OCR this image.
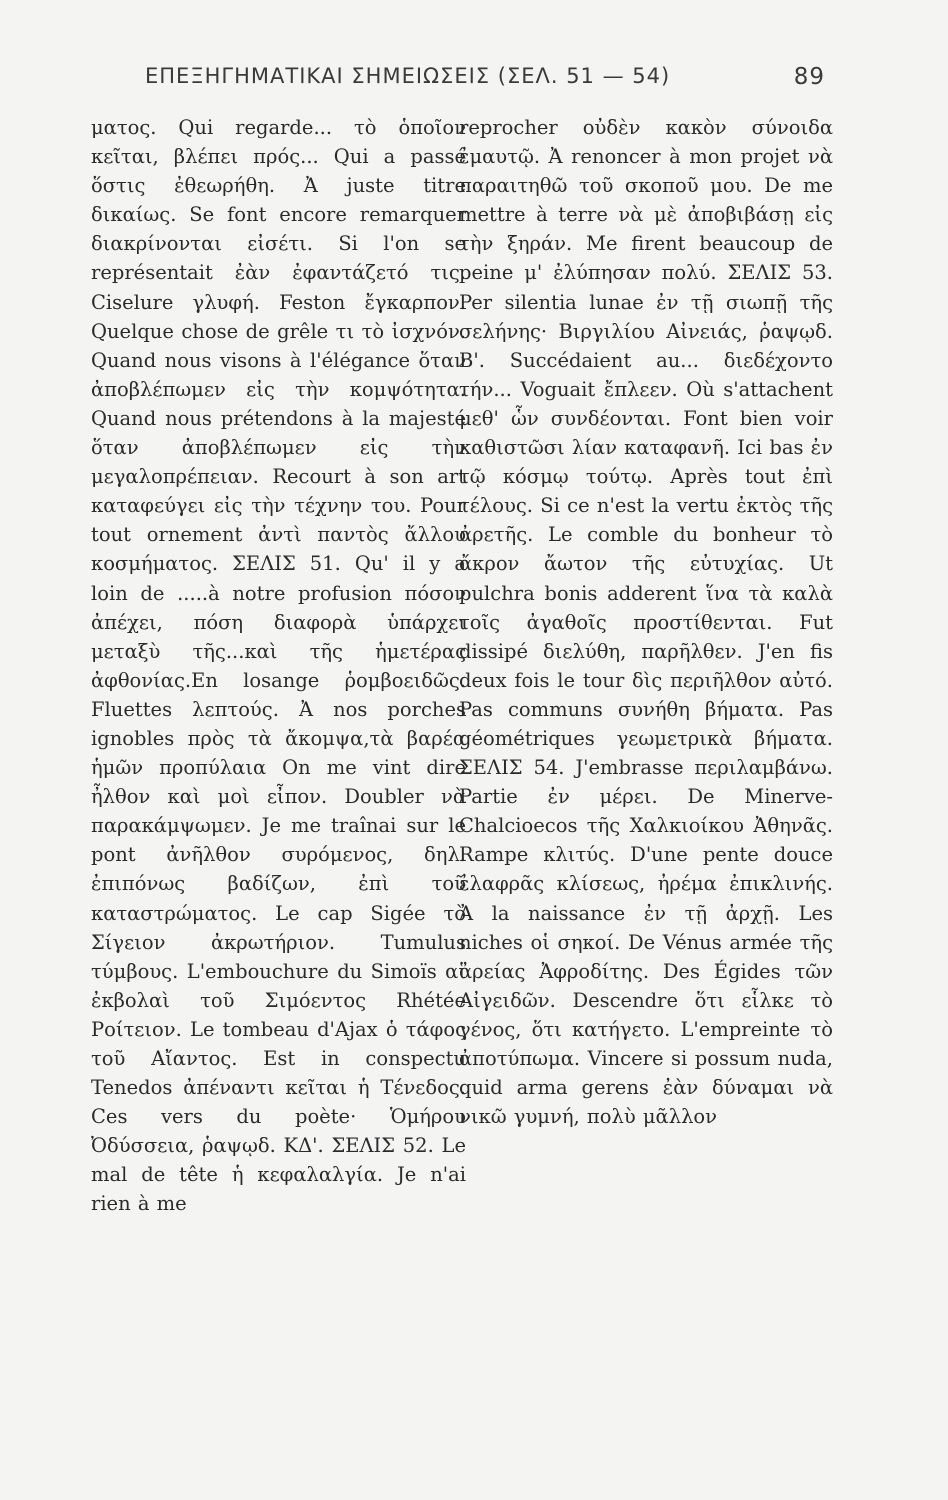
ΕΠΕΞΗΓΗΜΑΤΙΚΑΙ ΣΗΜΕΙΩΣΕΙΣ (ΣΕΛ. 51 — 54)	89

ματος. Qui regarde... τὸ ὁποῖον κεῖται, βλέπει πρός... Qui a passé ὅστις ἐθεωρήθη. Ἀ juste titre δικαίως. Se font encore remarquer διακρίνονται εἰσέτι. Si l'on se représentait ἐὰν ἐφαντάζετό τις. Ciselure γλυφή. Feston ἔγκαρπον. Quelque chose de grêle τι τὸ ἰσχνόν. Quand nous visons à l'élégance ὅταν ἀποβλέπωμεν εἰς τὴν κομψότητα. Quand nous prétendons à la majesté ὅταν ἀποβλέπωμεν εἰς τὴν μεγαλοπρέπειαν. Recourt à son art καταφεύγει εἰς τὴν τέχνην του. Pour tout ornement ἀντὶ παντὸς ἄλλου κοσμήματος. ΣΕΛΙΣ 51. Qu' il y a loin de .....à notre profusion πόσον ἀπέχει, πόση διαφορὰ ὑπάρχει μεταξὺ τῆς...καὶ τῆς ἡμετέρας ἀφθονίας.En losange ῥομβοειδῶς. Fluettes λεπτούς. Ἀ nos porches ignobles πρὸς τὰ ἄκομψα,τὰ βαρέα ἡμῶν προπύλαια On me vint dire ἦλθον καὶ μοὶ εἶπον. Doubler νὰ παρακάμψωμεν. Je me traînai sur le pont ἀνῆλθον συρόμενος, δηλ. ἐπιπόνως βαδίζων, ἐπὶ τοῦ καταστρώματος. Le cap Sigée τὸ Σίγειον ἀκρωτήριον. Tumulus τύμβους. L'embouchure du Simoïs αἱ ἐκβολαὶ τοῦ Σιμόεντος Rhétée Ροίτειον. Le tombeau d'Ajax ὁ τάφος τοῦ Αἴαντος. Est in conspectu Tenedos ἀπέναντι κεῖται ἡ Τένεδος. Ces vers du poète· Ὁμήρου Ὀδύσσεια, ῥαψῳδ. ΚΔ'. ΣΕΛΙΣ 52. Le mal de tête ἡ κεφαλαλγία. Je n'ai rien à me

reprocher οὐδὲν κακὸν σύνοιδα ἐμαυτῷ. Ἀ renoncer à mon projet νὰ παραιτηθῶ τοῦ σκοποῦ μου. De me mettre à terre νὰ μὲ ἀποβιβάσῃ εἰς τὴν ξηράν. Me firent beaucoup de peine μ' ἐλύπησαν πολύ. ΣΕΛΙΣ 53. Per silentia lunae ἐν τῇ σιωπῇ τῆς σελήνης· Βιργιλίου Αἰνειάς, ῥαψῳδ. Β'. Succédaient au... διεδέχοντο τήν... Voguait ἔπλεεν. Où s'attachent μεθ' ὧν συνδέονται. Font bien voir καθιστῶσι λίαν καταφανῆ. Ici bas ἐν τῷ κόσμῳ τούτῳ. Après tout ἐπὶ τέλους. Si ce n'est la vertu ἐκτὸς τῆς ἀρετῆς. Le comble du bonheur τὸ ἄκρον ἄωτον τῆς εὐτυχίας. Ut pulchra bonis adderent ἵνα τὰ καλὰ τοῖς ἀγαθοῖς προστίθενται. Fut dissipé διελύθη, παρῆλθεν. J'en fis deux fois le tour δὶς περιῆλθον αὐτό. Pas communs συνήθη βήματα. Pas géométriques γεωμετρικὰ βήματα. ΣΕΛΙΣ 54. J'embrasse περιλαμβάνω. Partie ἐν μέρει. De Minerve-Chalcioecos τῆς Χαλκιοίκου Ἀθηνᾶς. Rampe κλιτύς. D'une pente douce ἐλαφρᾶς κλίσεως, ἠρέμα ἐπικλινής. Ἀ la naissance ἐν τῇ ἀρχῇ. Les niches οἱ σηκοί. De Vénus armée τῆς ἀρείας Ἀφροδίτης. Des Égides τῶν Αἰγειδῶν. Descendre ὅτι εἷλκε τὸ γένος, ὅτι κατήγετο. L'empreinte τὸ ἀποτύπωμα. Vincere si possum nuda, quid arma gerens ἐὰν δύναμαι νὰ νικῶ γυμνή, πολὺ μᾶλλον
